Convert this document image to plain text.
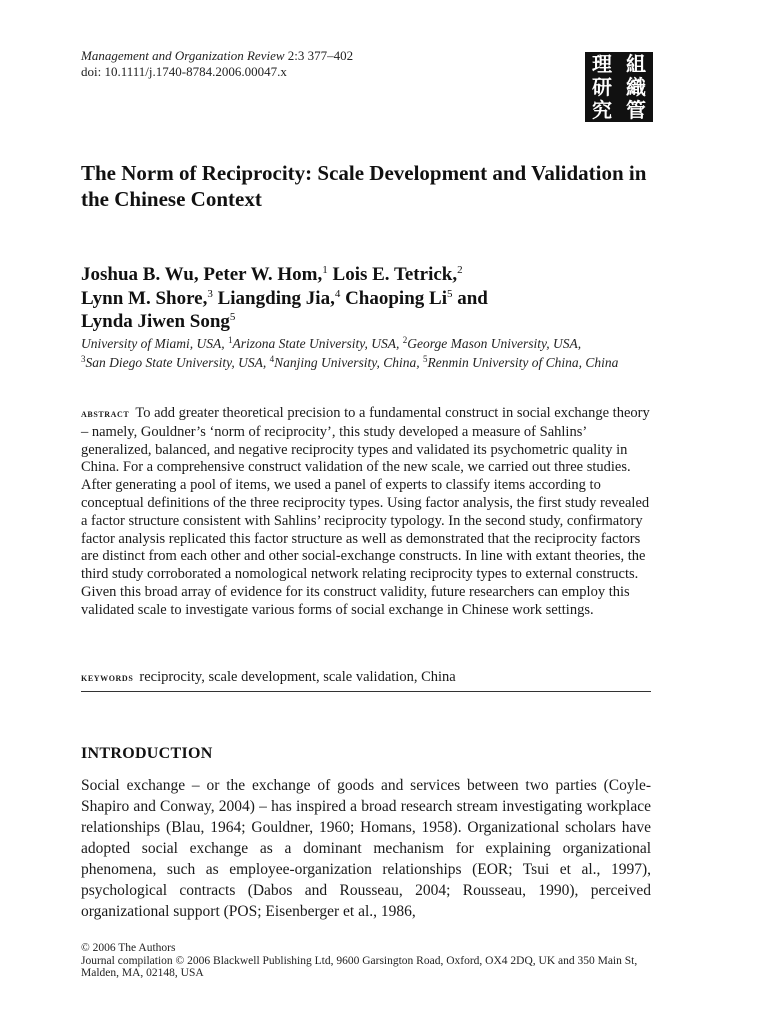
Management and Organization Review 2:3 377–402
doi: 10.1111/j.1740-8784.2006.00047.x	理 組
研 織
究 管
The Norm of Reciprocity: Scale Development and Validation in the Chinese Context

Joshua B. Wu, Peter W. Hom,$^1$ Lois E. Tetrick,$^2$
Lynn M. Shore,$^3$ Liangding Jia,$^4$ Chaoping Li$^5$ and
Lynda Jiwen Song$^5$

University of Miami, USA, $^1$Arizona State University, USA, $^2$George Mason University, USA,
$^3$San Diego State University, USA, $^4$Nanjing University, China, $^5$Renmin University of China, China

abstract To add greater theoretical precision to a fundamental construct in social exchange theory – namely, Gouldner’s ‘norm of reciprocity’, this study developed a measure of Sahlins’ generalized, balanced, and negative reciprocity types and validated its psychometric quality in China. For a comprehensive construct validation of the new scale, we carried out three studies. After generating a pool of items, we used a panel of experts to classify items according to conceptual definitions of the three reciprocity types. Using factor analysis, the first study revealed a factor structure consistent with Sahlins’ reciprocity typology. In the second study, confirmatory factor analysis replicated this factor structure as well as demonstrated that the reciprocity factors are distinct from each other and other social-exchange constructs. In line with extant theories, the third study corroborated a nomological network relating reciprocity types to external constructs. Given this broad array of evidence for its construct validity, future researchers can employ this validated scale to investigate various forms of social exchange in Chinese work settings.

keywords reciprocity, scale development, scale validation, China

INTRODUCTION

Social exchange – or the exchange of goods and services between two parties (Coyle-Shapiro and Conway, 2004) – has inspired a broad research stream investigating workplace relationships (Blau, 1964; Gouldner, 1960; Homans, 1958). Organizational scholars have adopted social exchange as a dominant mechanism for explaining organizational phenomena, such as employee-organization relationships (EOR; Tsui et al., 1997), psychological contracts (Dabos and Rousseau, 2004; Rousseau, 1990), perceived organizational support (POS; Eisenberger et al., 1986,

© 2006 The Authors
Journal compilation © 2006 Blackwell Publishing Ltd, 9600 Garsington Road, Oxford, OX4 2DQ, UK and 350 Main St, Malden, MA, 02148, USA
